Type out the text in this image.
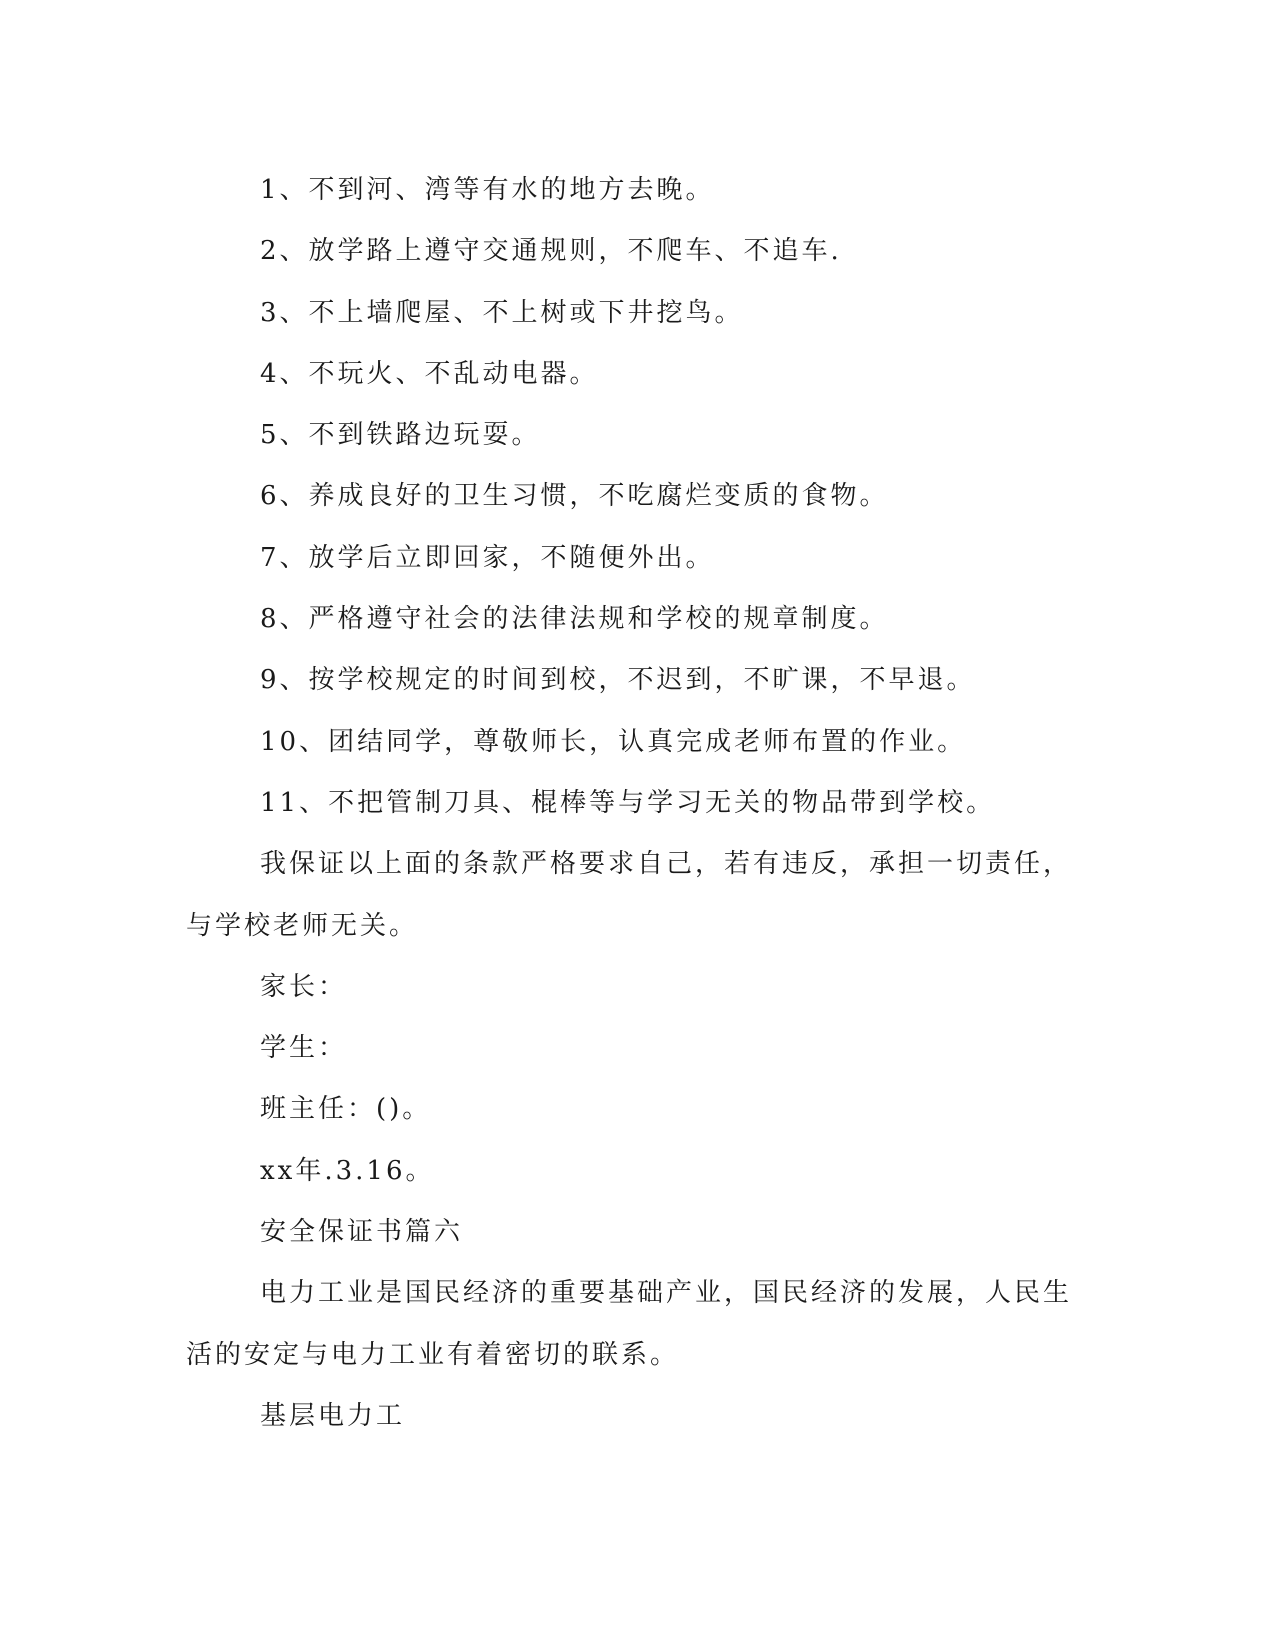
1、不到河、湾等有水的地方去晚。
2、放学路上遵守交通规则，不爬车、不追车.
3、不上墙爬屋、不上树或下井挖鸟。
4、不玩火、不乱动电器。
5、不到铁路边玩耍。
6、养成良好的卫生习惯，不吃腐烂变质的食物。
7、放学后立即回家，不随便外出。
8、严格遵守社会的法律法规和学校的规章制度。
9、按学校规定的时间到校，不迟到，不旷课，不早退。
10、团结同学，尊敬师长，认真完成老师布置的作业。
11、不把管制刀具、棍棒等与学习无关的物品带到学校。
我保证以上面的条款严格要求自己，若有违反，承担一切责任，
与学校老师无关。
家长：
学生：
班主任：()。
xx年.3.16。
安全保证书篇六
电力工业是国民经济的重要基础产业，国民经济的发展，人民生
活的安定与电力工业有着密切的联系。
基层电力工
